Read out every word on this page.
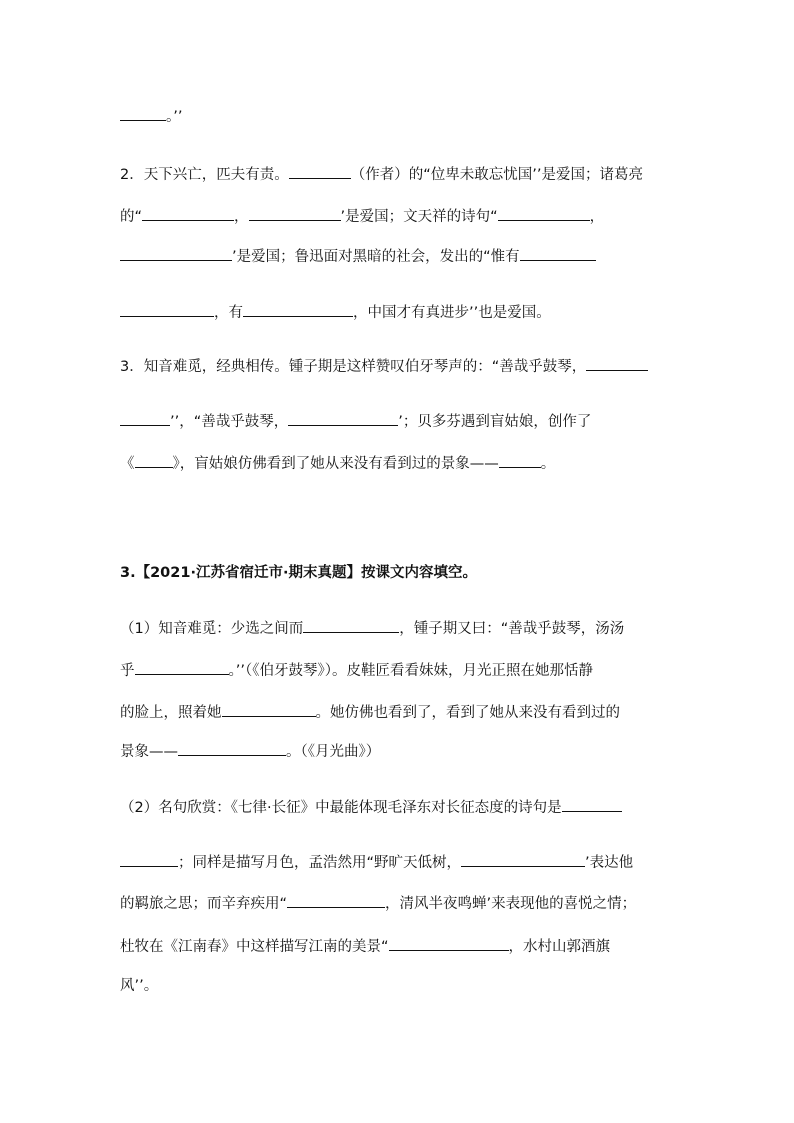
。’’
2．天下兴亡，匹夫有责。	（作者）的“位卑未敢忘忧国’’是爱国；诸葛亮
的“	，	’是爱国；文天祥的诗句“	，
’是爱国；鲁迅面对黑暗的社会，发出的“惟有
，有	，中国才有真进步’’也是爱国。
3．知音难觅，经典相传。锺子期是这样赞叹伯牙琴声的：“善哉乎鼓琴，
’’，“善哉乎鼓琴，	’；贝多芬遇到盲姑娘，创作了
《	》，盲姑娘仿佛看到了她从来没有看到过的景象——	。
3.【2021·江苏省宿迁市·期末真题】按课文内容填空。
（1）知音难觅：少选之间而	，锺子期又曰：“善哉乎鼓琴，汤汤
乎	。’’（《伯牙鼓琴》）。皮鞋匠看看妹妹，月光正照在她那恬静
的脸上，照着她	。她仿佛也看到了，看到了她从来没有看到过的
景象——	。（《月光曲》）
（2）名句欣赏：《七律·长征》中最能体现毛泽东对长征态度的诗句是
；同样是描写月色，孟浩然用“野旷天低树，	’表达他
的羁旅之思；而辛弃疾用“	，清风半夜鸣蝉’来表现他的喜悦之情；
杜牧在《江南春》中这样描写江南的美景“	，水村山郭酒旗
风’’。
